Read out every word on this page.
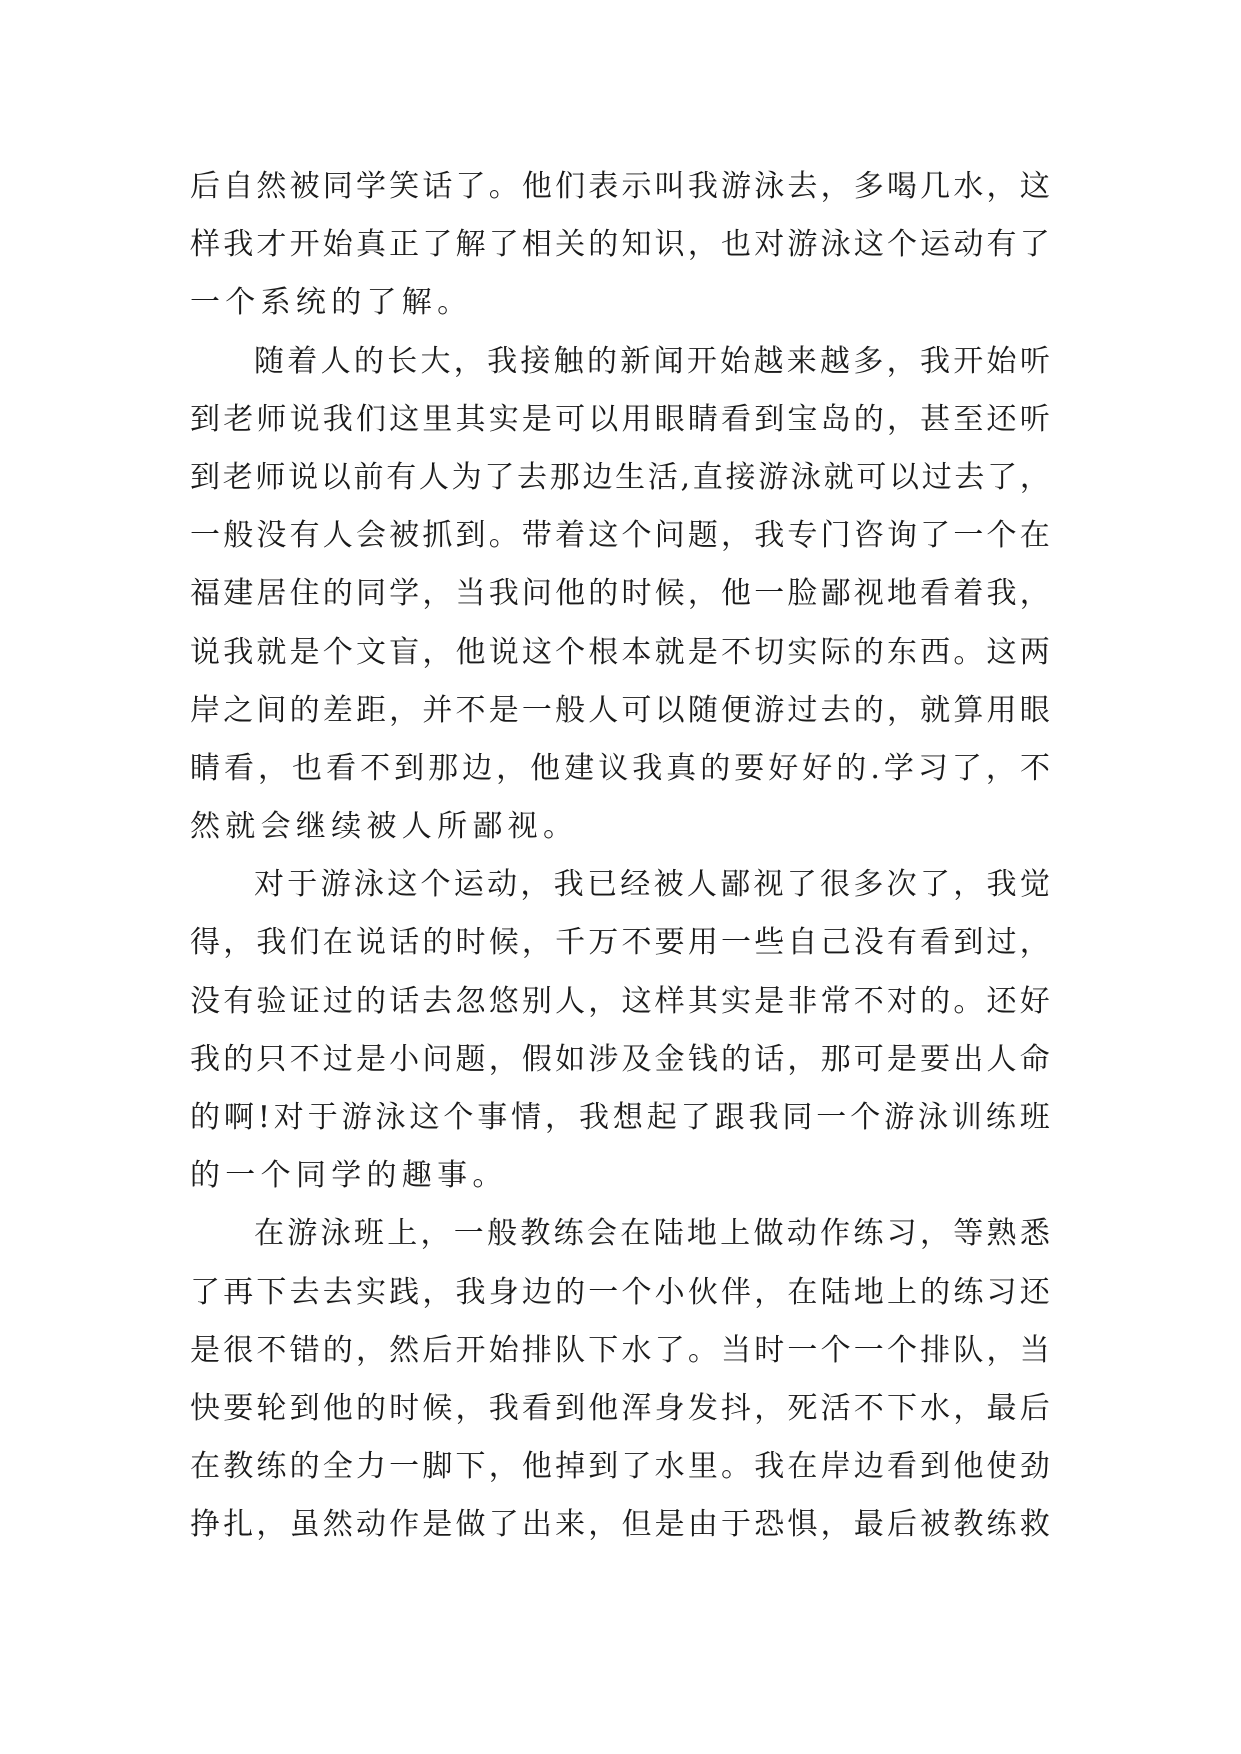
后 自 然 被 同 学 笑 话 了 。 他 们 表 示 叫 我 游 泳 去 ， 多 喝 几 水 ， 这
样 我 才 开 始 真 正 了 解 了 相 关 的 知 识 ， 也 对 游 泳 这 个 运 动 有 了
一 个 系 统 的 了 解 。
随 着 人 的 长 大 ， 我 接 触 的 新 闻 开 始 越 来 越 多 ， 我 开 始 听
到 老 师 说 我 们 这 里 其 实 是 可 以 用 眼 睛 看 到 宝 岛 的 ， 甚 至 还 听
到 老 师 说 以 前 有 人 为 了 去 那 边 生 活 , 直 接 游 泳 就 可 以 过 去 了 ，
一 般 没 有 人 会 被 抓 到 。 带 着 这 个 问 题 ， 我 专 门 咨 询 了 一 个 在
福 建 居 住 的 同 学 ， 当 我 问 他 的 时 候 ， 他 一 脸 鄙 视 地 看 着 我 ，
说 我 就 是 个 文 盲 ， 他 说 这 个 根 本 就 是 不 切 实 际 的 东 西 。 这 两
岸 之 间 的 差 距 ， 并 不 是 一 般 人 可 以 随 便 游 过 去 的 ， 就 算 用 眼
睛 看 ， 也 看 不 到 那 边 ， 他 建 议 我 真 的 要 好 好 的 . 学 习 了 ， 不
然 就 会 继 续 被 人 所 鄙 视 。
对 于 游 泳 这 个 运 动 ， 我 已 经 被 人 鄙 视 了 很 多 次 了 ， 我 觉
得 ， 我 们 在 说 话 的 时 候 ， 千 万 不 要 用 一 些 自 己 没 有 看 到 过 ，
没 有 验 证 过 的 话 去 忽 悠 别 人 ， 这 样 其 实 是 非 常 不 对 的 。 还 好
我 的 只 不 过 是 小 问 题 ， 假 如 涉 及 金 钱 的 话 ， 那 可 是 要 出 人 命
的 啊 ! 对 于 游 泳 这 个 事 情 ， 我 想 起 了 跟 我 同 一 个 游 泳 训 练 班
的 一 个 同 学 的 趣 事 。
在 游 泳 班 上 ， 一 般 教 练 会 在 陆 地 上 做 动 作 练 习 ， 等 熟 悉
了 再 下 去 去 实 践 ， 我 身 边 的 一 个 小 伙 伴 ， 在 陆 地 上 的 练 习 还
是 很 不 错 的 ， 然 后 开 始 排 队 下 水 了 。 当 时 一 个 一 个 排 队 ， 当
快 要 轮 到 他 的 时 候 ， 我 看 到 他 浑 身 发 抖 ， 死 活 不 下 水 ， 最 后
在 教 练 的 全 力 一 脚 下 ， 他 掉 到 了 水 里 。 我 在 岸 边 看 到 他 使 劲
挣 扎 ， 虽 然 动 作 是 做 了 出 来 ， 但 是 由 于 恐 惧 ， 最 后 被 教 练 救
